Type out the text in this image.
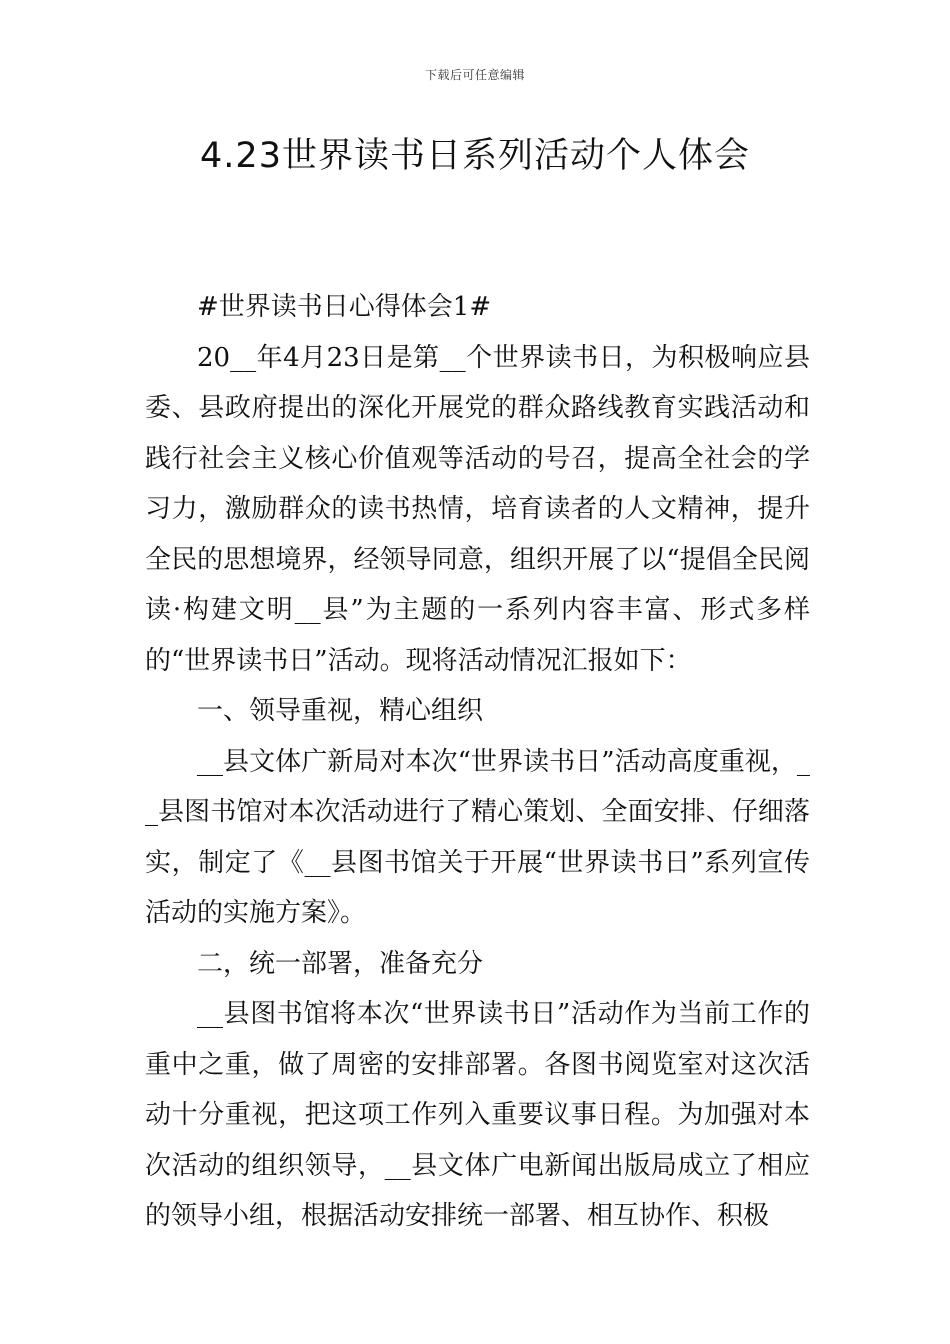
下载后可任意编辑
4.23世界读书日系列活动个人体会

#世界读书日心得体会1#

20__年4月23日是第__个世界读书日，为积极响应县委、县政府提出的深化开展党的群众路线教育实践活动和践行社会主义核心价值观等活动的号召，提高全社会的学习力，激励群众的读书热情，培育读者的人文精神，提升全民的思想境界，经领导同意，组织开展了以“提倡全民阅读·构建文明__县”为主题的一系列内容丰富、形式多样的“世界读书日”活动。现将活动情况汇报如下：

一、领导重视，精心组织

__县文体广新局对本次“世界读书日”活动高度重视，__县图书馆对本次活动进行了精心策划、全面安排、仔细落实，制定了《__县图书馆关于开展“世界读书日”系列宣传活动的实施方案》。

二，统一部署，准备充分

__县图书馆将本次“世界读书日”活动作为当前工作的重中之重，做了周密的安排部署。各图书阅览室对这次活动十分重视，把这项工作列入重要议事日程。为加强对本次活动的组织领导，__县文体广电新闻出版局成立了相应的领导小组，根据活动安排统一部署、相互协作、积极
